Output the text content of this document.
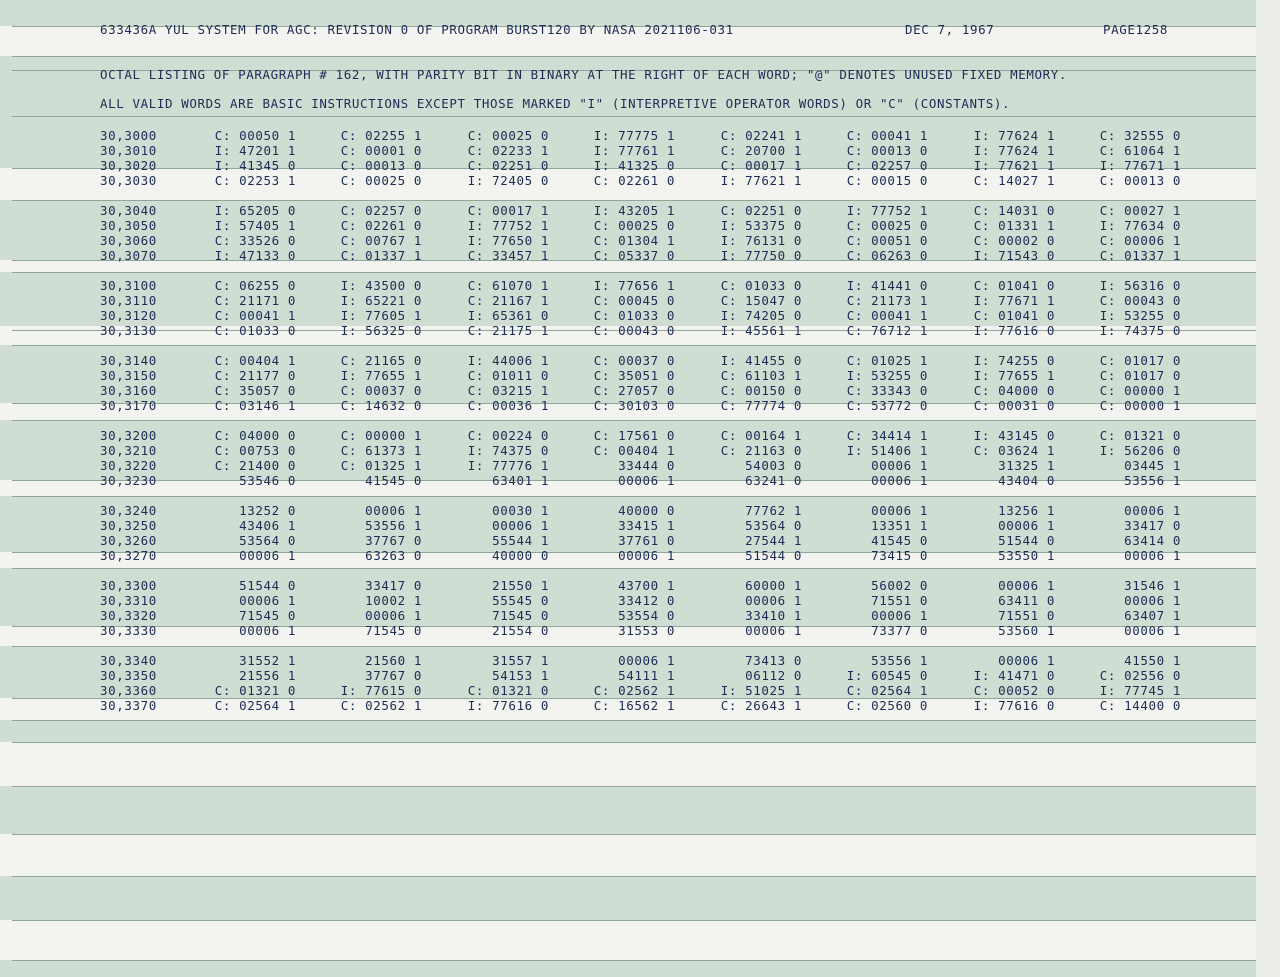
633436A YUL SYSTEM FOR AGC: REVISION 0 OF PROGRAM BURST120 BY NASA 2021106-031	DEC 7, 1967	PAGE1258
OCTAL LISTING OF PARAGRAPH # 162, WITH PARITY BIT IN BINARY AT THE RIGHT OF EACH WORD; "@" DENOTES UNUSED FIXED MEMORY.
ALL VALID WORDS ARE BASIC INSTRUCTIONS EXCEPT THOSE MARKED "I" (INTERPRETIVE OPERATOR WORDS) OR "C" (CONSTANTS).
30,3000	C: 00050 1	C: 02255 1	C: 00025 0	I: 77775 1	C: 02241 1	C: 00041 1	I: 77624 1	C: 32555 0
30,3010	I: 47201 1	C: 00001 0	C: 02233 1	I: 77761 1	C: 20700 1	C: 00013 0	I: 77624 1	C: 61064 1
30,3020	I: 41345 0	C: 00013 0	C: 02251 0	I: 41325 0	C: 00017 1	C: 02257 0	I: 77621 1	I: 77671 1
30,3030	C: 02253 1	C: 00025 0	I: 72405 0	C: 02261 0	I: 77621 1	C: 00015 0	C: 14027 1	C: 00013 0
30,3040	I: 65205 0	C: 02257 0	C: 00017 1	I: 43205 1	C: 02251 0	I: 77752 1	C: 14031 0	C: 00027 1
30,3050	I: 57405 1	C: 02261 0	I: 77752 1	C: 00025 0	I: 53375 0	C: 00025 0	C: 01331 1	I: 77634 0
30,3060	C: 33526 0	C: 00767 1	I: 77650 1	C: 01304 1	I: 76131 0	C: 00051 0	C: 00002 0	C: 00006 1
30,3070	I: 47133 0	C: 01337 1	C: 33457 1	C: 05337 0	I: 77750 0	C: 06263 0	I: 71543 0	C: 01337 1
30,3100	C: 06255 0	I: 43500 0	C: 61070 1	I: 77656 1	C: 01033 0	I: 41441 0	C: 01041 0	I: 56316 0
30,3110	C: 21171 0	I: 65221 0	C: 21167 1	C: 00045 0	C: 15047 0	C: 21173 1	I: 77671 1	C: 00043 0
30,3120	C: 00041 1	I: 77605 1	I: 65361 0	C: 01033 0	I: 74205 0	C: 00041 1	C: 01041 0	I: 53255 0
30,3130	C: 01033 0	I: 56325 0	C: 21175 1	C: 00043 0	I: 45561 1	C: 76712 1	I: 77616 0	I: 74375 0
30,3140	C: 00404 1	C: 21165 0	I: 44006 1	C: 00037 0	I: 41455 0	C: 01025 1	I: 74255 0	C: 01017 0
30,3150	C: 21177 0	I: 77655 1	C: 01011 0	C: 35051 0	C: 61103 1	I: 53255 0	I: 77655 1	C: 01017 0
30,3160	C: 35057 0	C: 00037 0	C: 03215 1	C: 27057 0	C: 00150 0	C: 33343 0	C: 04000 0	C: 00000 1
30,3170	C: 03146 1	C: 14632 0	C: 00036 1	C: 30103 0	C: 77774 0	C: 53772 0	C: 00031 0	C: 00000 1
30,3200	C: 04000 0	C: 00000 1	C: 00224 0	C: 17561 0	C: 00164 1	C: 34414 1	I: 43145 0	C: 01321 0
30,3210	C: 00753 0	C: 61373 1	I: 74375 0	C: 00404 1	C: 21163 0	I: 51406 1	C: 03624 1	I: 56206 0
30,3220	C: 21400 0	C: 01325 1	I: 77776 1	33444 0	54003 0	00006 1	31325 1	03445 1
30,3230	53546 0	41545 0	63401 1	00006 1	63241 0	00006 1	43404 0	53556 1
30,3240	13252 0	00006 1	00030 1	40000 0	77762 1	00006 1	13256 1	00006 1
30,3250	43406 1	53556 1	00006 1	33415 1	53564 0	13351 1	00006 1	33417 0
30,3260	53564 0	37767 0	55544 1	37761 0	27544 1	41545 0	51544 0	63414 0
30,3270	00006 1	63263 0	40000 0	00006 1	51544 0	73415 0	53550 1	00006 1
30,3300	51544 0	33417 0	21550 1	43700 1	60000 1	56002 0	00006 1	31546 1
30,3310	00006 1	10002 1	55545 0	33412 0	00006 1	71551 0	63411 0	00006 1
30,3320	71545 0	00006 1	71545 0	53554 0	33410 1	00006 1	71551 0	63407 1
30,3330	00006 1	71545 0	21554 0	31553 0	00006 1	73377 0	53560 1	00006 1
30,3340	31552 1	21560 1	31557 1	00006 1	73413 0	53556 1	00006 1	41550 1
30,3350	21556 1	37767 0	54153 1	54111 1	06112 0	I: 60545 0	I: 41471 0	C: 02556 0
30,3360	C: 01321 0	I: 77615 0	C: 01321 0	C: 02562 1	I: 51025 1	C: 02564 1	C: 00052 0	I: 77745 1
30,3370	C: 02564 1	C: 02562 1	I: 77616 0	C: 16562 1	C: 26643 1	C: 02560 0	I: 77616 0	C: 14400 0
